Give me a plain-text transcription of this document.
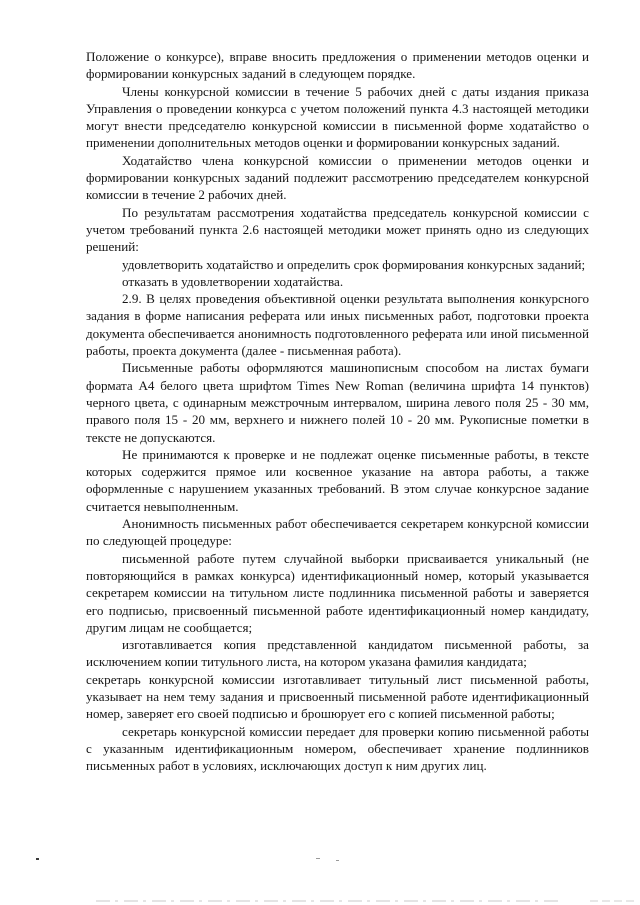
Положение о конкурсе), вправе вносить предложения о применении методов оценки и формировании конкурсных заданий в следующем порядке.

Члены конкурсной комиссии в течение 5 рабочих дней с даты издания приказа Управления о проведении конкурса с учетом положений пункта 4.3 настоящей методики могут внести председателю конкурсной комиссии в письменной форме ходатайство о применении дополнительных методов оценки и формировании конкурсных заданий.

Ходатайство члена конкурсной комиссии о применении методов оценки и формировании конкурсных заданий подлежит рассмотрению председателем конкурсной комиссии в течение 2 рабочих дней.

По результатам рассмотрения ходатайства председатель конкурсной комиссии с учетом требований пункта 2.6 настоящей методики может принять одно из следующих решений:

удовлетворить ходатайство и определить срок формирования конкурсных заданий;

отказать в удовлетворении ходатайства.

2.9. В целях проведения объективной оценки результата выполнения конкурсного задания в форме написания реферата или иных письменных работ, подготовки проекта документа обеспечивается анонимность подготовленного реферата или иной письменной работы, проекта документа (далее - письменная работа).

Письменные работы оформляются машинописным способом на листах бумаги формата А4 белого цвета шрифтом Times New Roman (величина шрифта 14 пунктов) черного цвета, с одинарным межстрочным интервалом, ширина левого поля 25 - 30 мм, правого поля 15 - 20 мм, верхнего и нижнего полей 10 - 20 мм. Рукописные пометки в тексте не допускаются.

Не принимаются к проверке и не подлежат оценке письменные работы, в тексте которых содержится прямое или косвенное указание на автора работы, а также оформленные с нарушением указанных требований. В этом случае конкурсное задание считается невыполненным.

Анонимность письменных работ обеспечивается секретарем конкурсной комиссии по следующей процедуре:

письменной работе путем случайной выборки присваивается уникальный (не повторяющийся в рамках конкурса) идентификационный номер, который указывается секретарем комиссии на титульном листе подлинника письменной работы и заверяется его подписью, присвоенный письменной работе идентификационный номер кандидату, другим лицам не сообщается;

изготавливается копия представленной кандидатом письменной работы, за исключением копии титульного листа, на котором указана фамилия кандидата;

секретарь конкурсной комиссии изготавливает титульный лист письменной работы, указывает на нем тему задания и присвоенный письменной работе идентификационный номер, заверяет его своей подписью и брошюрует его с копией письменной работы;

секретарь конкурсной комиссии передает для проверки копию письменной работы с указанным идентификационным номером, обеспечивает хранение подлинников письменных работ в условиях, исключающих доступ к ним других лиц.
